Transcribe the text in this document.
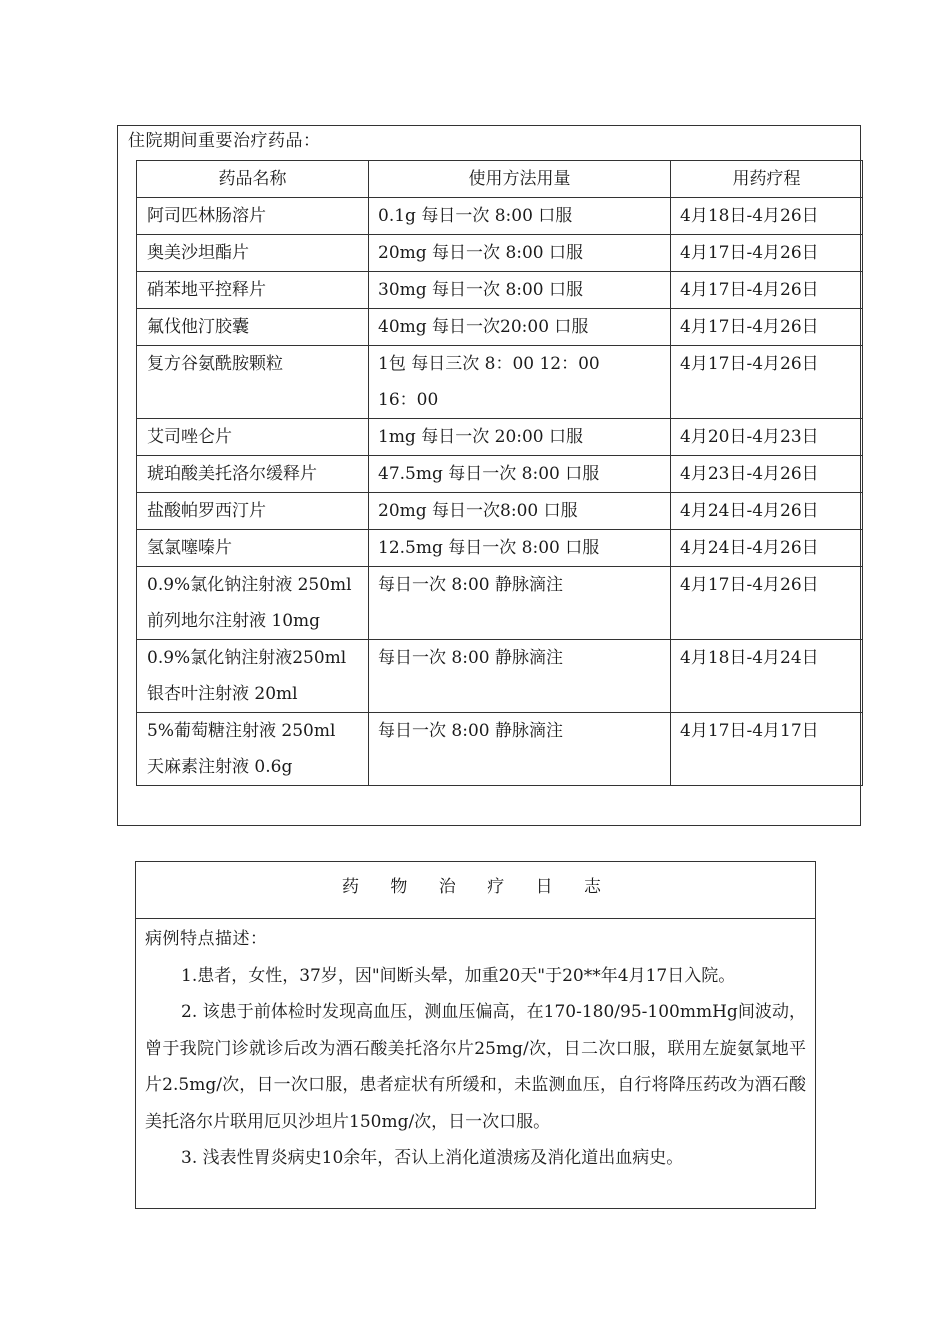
住院期间重要治疗药品：
药品名称	使用方法用量	用药疗程

阿司匹林肠溶片	0.1g 每日一次 8:00 口服	4月18日-4月26日

奥美沙坦酯片	20mg 每日一次 8:00 口服	4月17日-4月26日

硝苯地平控释片	30mg 每日一次 8:00 口服	4月17日-4月26日

氟伐他汀胶囊	40mg 每日一次20:00 口服	4月17日-4月26日

复方谷氨酰胺颗粒	1包 每日三次 8：00 12：00
16：00	4月17日-4月26日

艾司唑仑片	1mg 每日一次 20:00 口服	4月20日-4月23日

琥珀酸美托洛尔缓释片	47.5mg 每日一次 8:00 口服	4月23日-4月26日

盐酸帕罗西汀片	20mg 每日一次8:00 口服	4月24日-4月26日

氢氯噻嗪片	12.5mg 每日一次 8:00 口服	4月24日-4月26日

0.9%氯化钠注射液 250ml
前列地尔注射液 10mg	每日一次 8:00 静脉滴注	4月17日-4月26日

0.9%氯化钠注射液250ml
银杏叶注射液 20ml	每日一次 8:00 静脉滴注	4月18日-4月24日

5%葡萄糖注射液 250ml
天麻素注射液 0.6g	每日一次 8:00 静脉滴注	4月17日-4月17日
药 物 治 疗 日 志
病例特点描述：
1.患者，女性，37岁，因"间断头晕，加重20天"于20**年4月17日入院。
2. 该患于前体检时发现高血压，测血压偏高，在170-180/95-100mmHg间波动，曾于我院门诊就诊后改为酒石酸美托洛尔片25mg/次，日二次口服，联用左旋氨氯地平片2.5mg/次，日一次口服，患者症状有所缓和，未监测血压，自行将降压药改为酒石酸美托洛尔片联用厄贝沙坦片150mg/次，日一次口服。
3. 浅表性胃炎病史10余年，否认上消化道溃疡及消化道出血病史。
